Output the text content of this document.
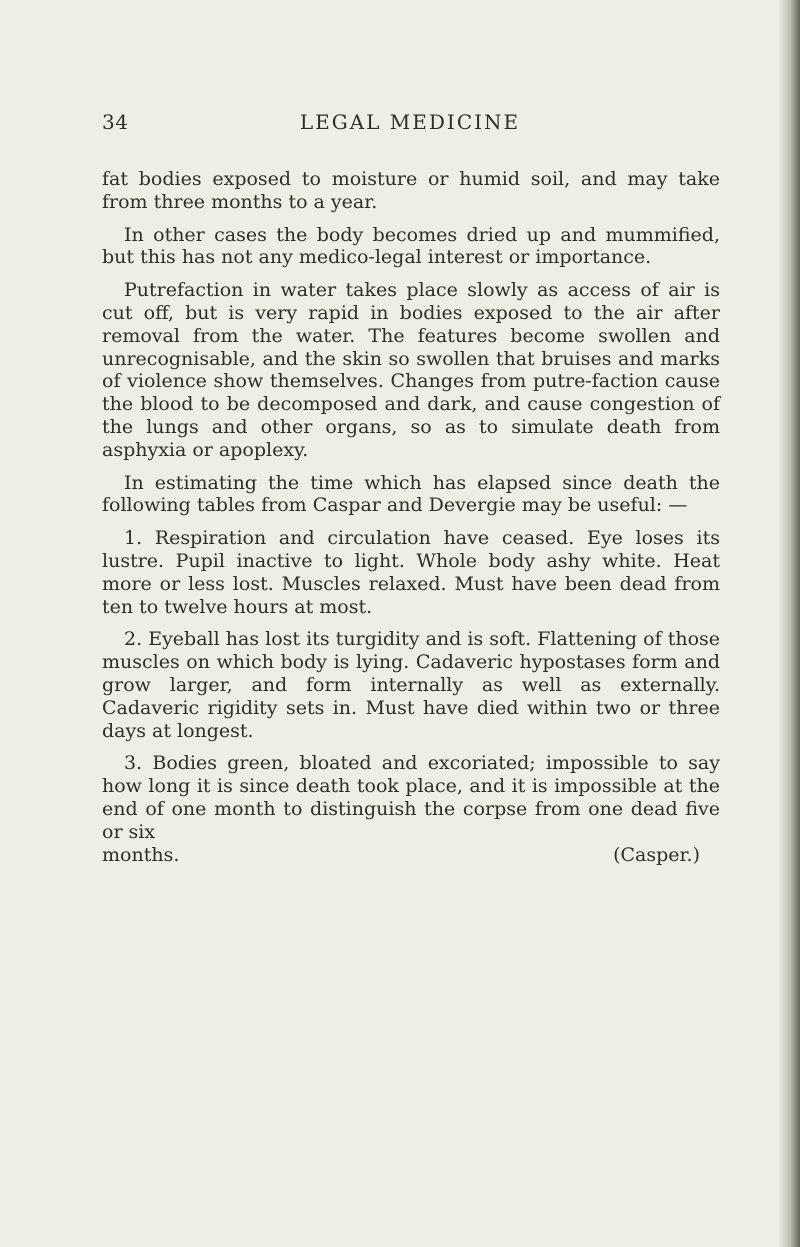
34	LEGAL MEDICINE

fat bodies exposed to moisture or humid soil, and may take from three months to a year.

In other cases the body becomes dried up and mummified, but this has not any medico-legal interest or importance.

Putrefaction in water takes place slowly as access of air is cut off, but is very rapid in bodies exposed to the air after removal from the water. The features become swollen and unrecognisable, and the skin so swollen that bruises and marks of violence show themselves. Changes from putre-faction cause the blood to be decomposed and dark, and cause congestion of the lungs and other organs, so as to simulate death from asphyxia or apoplexy.

In estimating the time which has elapsed since death the following tables from Caspar and Devergie may be useful: —

1. Respiration and circulation have ceased. Eye loses its lustre. Pupil inactive to light. Whole body ashy white. Heat more or less lost. Muscles relaxed. Must have been dead from ten to twelve hours at most.

2. Eyeball has lost its turgidity and is soft. Flattening of those muscles on which body is lying. Cadaveric hypostases form and grow larger, and form internally as well as externally. Cadaveric rigidity sets in. Must have died within two or three days at longest.

3. Bodies green, bloated and excoriated; impossible to say how long it is since death took place, and it is impossible at the end of one month to distinguish the corpse from one dead five or six

months.	(Casper.)
